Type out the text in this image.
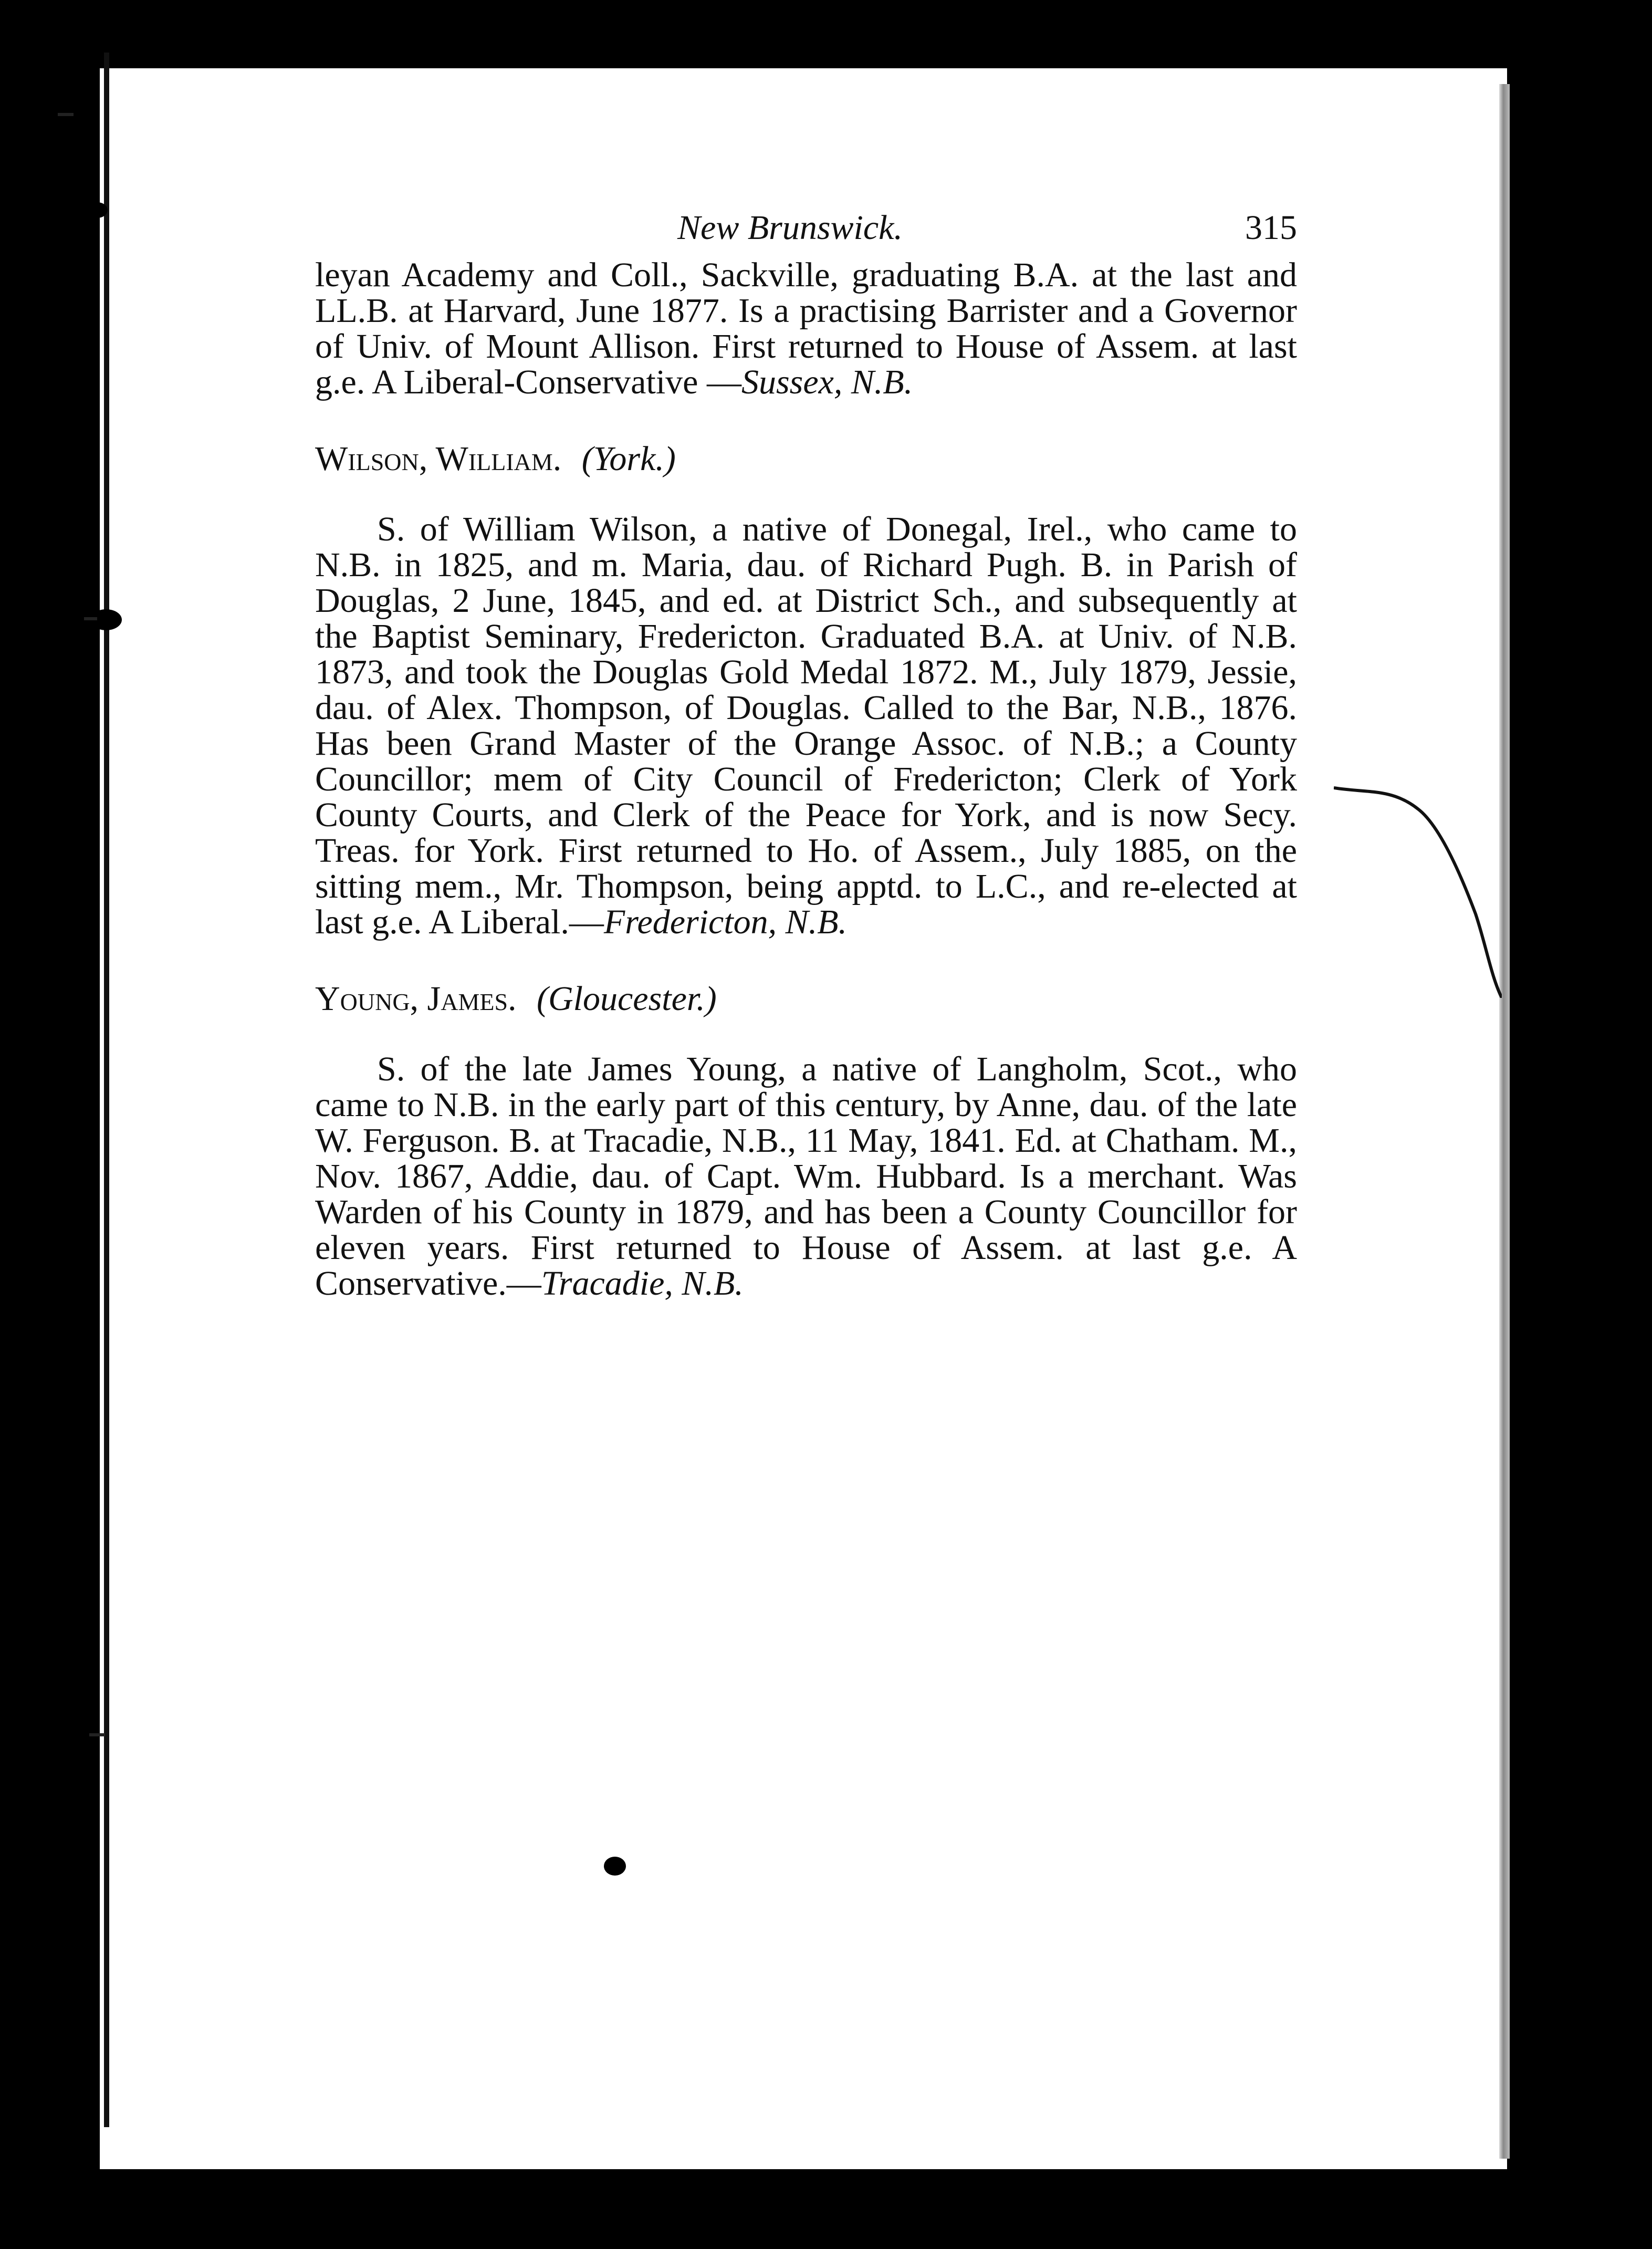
New Brunswick.	315

leyan Academy and Coll., Sackville, graduating B.A. at the last and LL.B. at Harvard, June 1877. Is a practising Barrister and a Governor of Univ. of Mount Allison. First returned to House of Assem. at last g.e. A Liberal-Conservative —Sussex, N.B.

Wilson, William. (York.)

S. of William Wilson, a native of Donegal, Irel., who came to N.B. in 1825, and m. Maria, dau. of Richard Pugh. B. in Parish of Douglas, 2 June, 1845, and ed. at District Sch., and subsequently at the Baptist Seminary, Fredericton. Graduated B.A. at Univ. of N.B. 1873, and took the Douglas Gold Medal 1872. M., July 1879, Jessie, dau. of Alex. Thompson, of Douglas. Called to the Bar, N.B., 1876. Has been Grand Master of the Orange Assoc. of N.B.; a County Councillor; mem of City Council of Fredericton; Clerk of York County Courts, and Clerk of the Peace for York, and is now Secy. Treas. for York. First returned to Ho. of Assem., July 1885, on the sitting mem., Mr. Thompson, being apptd. to L.C., and re-elected at last g.e. A Liberal.—Fredericton, N.B.

Young, James. (Gloucester.)

S. of the late James Young, a native of Langholm, Scot., who came to N.B. in the early part of this century, by Anne, dau. of the late W. Ferguson. B. at Tracadie, N.B., 11 May, 1841. Ed. at Chatham. M., Nov. 1867, Addie, dau. of Capt. Wm. Hubbard. Is a merchant. Was Warden of his County in 1879, and has been a County Councillor for eleven years. First returned to House of Assem. at last g.e. A Conservative.—Tracadie, N.B.
